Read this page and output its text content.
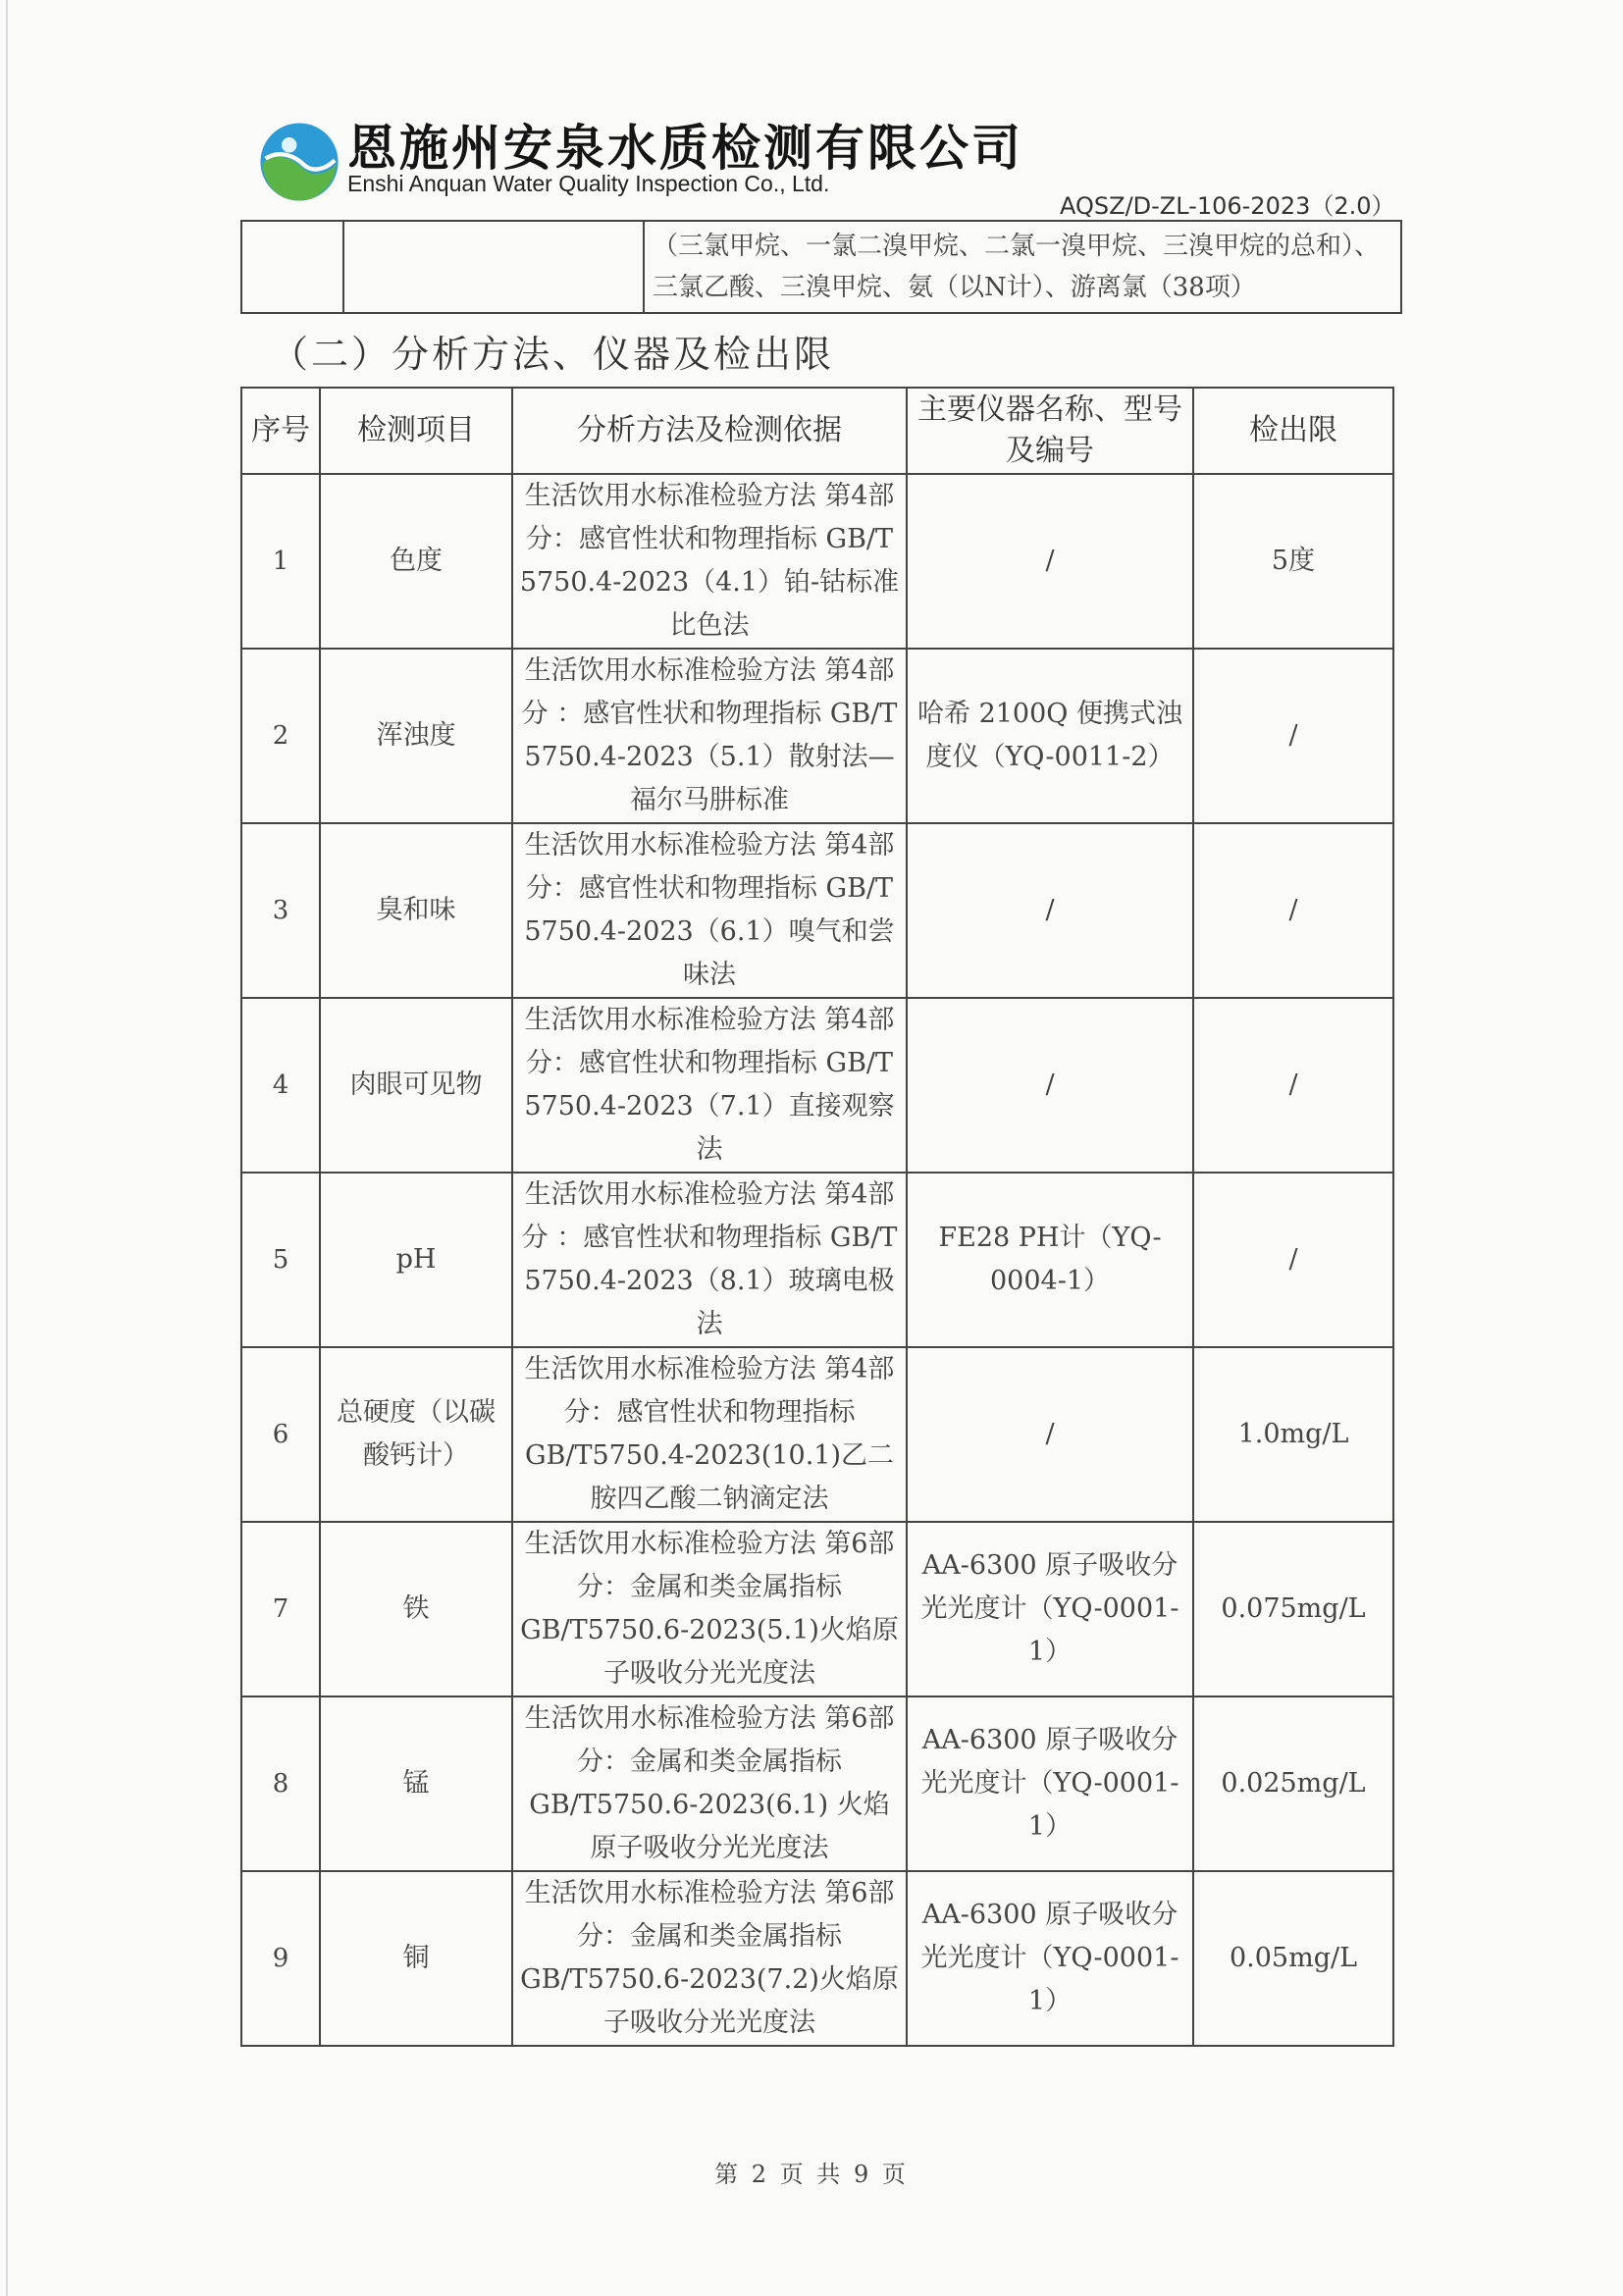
恩施州安泉水质检测有限公司
Enshi Anquan Water Quality Inspection Co., Ltd.
AQSZ/D-ZL-106-2023（2.0）
		（三氯甲烷、一氯二溴甲烷、二氯一溴甲烷、三溴甲烷的总和）、三氯乙酸、三溴甲烷、氨（以N计）、游离氯（38项）
（二）分析方法、仪器及检出限
序号	检测项目	分析方法及检测依据	主要仪器名称、型号及编号	检出限
1	色度	生活饮用水标准检验方法 第4部分：感官性状和物理指标 GB/T 5750.4-2023（4.1）铂-钴标准比色法	/	5度
2	浑浊度	生活饮用水标准检验方法 第4部分 ：感官性状和物理指标 GB/T 5750.4-2023（5.1）散射法—福尔马肼标准	哈希 2100Q 便携式浊度仪（YQ-0011-2）	/
3	臭和味	生活饮用水标准检验方法 第4部分：感官性状和物理指标 GB/T 5750.4-2023（6.1）嗅气和尝味法	/	/
4	肉眼可见物	生活饮用水标准检验方法 第4部分：感官性状和物理指标 GB/T 5750.4-2023（7.1）直接观察法	/	/
5	pH	生活饮用水标准检验方法 第4部分 ：感官性状和物理指标 GB/T 5750.4-2023（8.1）玻璃电极法	FE28 PH计（YQ-0004-1）	/
6	总硬度（以碳酸钙计）	生活饮用水标准检验方法 第4部分：感官性状和物理指标 GB/T5750.4-2023(10.1)乙二胺四乙酸二钠滴定法	/	1.0mg/L
7	铁	生活饮用水标准检验方法 第6部分：金属和类金属指标 GB/T5750.6-2023(5.1)火焰原子吸收分光光度法	AA-6300 原子吸收分光光度计（YQ-0001-1）	0.075mg/L
8	锰	生活饮用水标准检验方法 第6部分：金属和类金属指标 GB/T5750.6-2023(6.1) 火焰原子吸收分光光度法	AA-6300 原子吸收分光光度计（YQ-0001-1）	0.025mg/L
9	铜	生活饮用水标准检验方法 第6部分：金属和类金属指标 GB/T5750.6-2023(7.2)火焰原子吸收分光光度法	AA-6300 原子吸收分光光度计（YQ-0001-1）	0.05mg/L
第 2 页 共 9 页
